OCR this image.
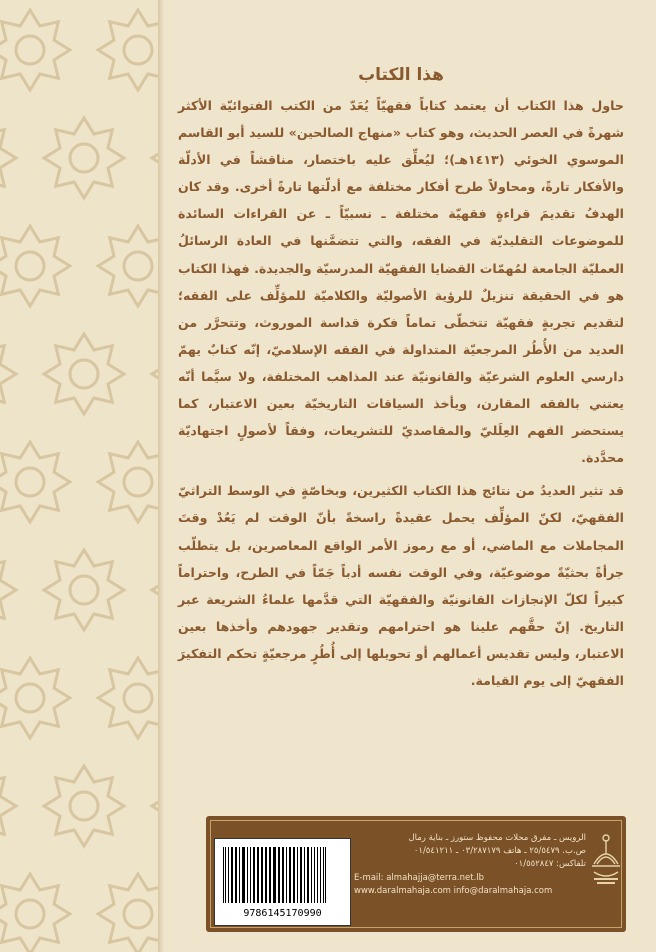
هذا الكتاب

حاول هذا الكتاب أن يعتمد كتاباً فقهيّاً يُعَدّ من الكتب الفتوائيّة الأكثر شهرةً في العصر الحديث، وهو كتاب «منهاج الصالحين» للسيد أبو القاسم الموسوي الخوئي (١٤١٣هـ)؛ ليُعلِّق عليه باختصار، مناقشاً في الأدلّة والأفكار تارةً، ومحاولاً طرح أفكار مختلفة مع أدلّتها تارةً أخرى. وقد كان الهدفُ تقديمَ قراءةٍ فقهيّة مختلفة ـ نسبيّاً ـ عن القراءات السائدة للموضوعات التقليديّة في الفقه، والتي تتضمَّنها في العادة الرسائلُ العمليّة الجامعة لمُهمّات القضايا الفقهيّة المدرسيّة والجديدة. فهذا الكتاب هو في الحقيقة تنزيلٌ للرؤية الأصوليّة والكلاميّة للمؤلِّف على الفقه؛ لتقديم تجربةٍ فقهيّة تتخطّى تماماً فكرة قداسة الموروث، وتتحرَّر من العديد من الأُطُر المرجعيّة المتداولة في الفقه الإسلاميّ، إنّه كتابٌ يهمّ دارسي العلوم الشرعيّة والقانونيّة عند المذاهب المختلفة، ولا سيَّما أنّه يعتني بالفقه المقارن، ويأخذ السياقات التاريخيّة بعين الاعتبار، كما يستحضر الفهم العِلَليّ والمقاصديّ للتشريعات، وفقاً لأصولٍ اجتهاديّة محدَّدة.

قد تثير العديدُ من نتائج هذا الكتاب الكثيرين، وبخاصّةٍ في الوسط التراثيّ الفقهيّ، لكنّ المؤلِّف يحمل عقيدةً راسخةً بأنّ الوقت لم يَعُدْ وقتَ المجاملات مع الماضي، أو مع رموز الأمر الواقع المعاصرين، بل يتطلّب جرأةً بحثيّةً موضوعيّة، وفي الوقت نفسه أدباً جَمّاً في الطرح، واحتراماً كبيراً لكلّ الإنجازات القانونيّة والفقهيّة التي قدَّمها علماءُ الشريعة عبر التاريخ. إنّ حقَّهم علينا هو احترامهم وتقدير جهودهم وأخذها بعين الاعتبار، وليس تقديس أعمالهم أو تحويلها إلى أُطُرٍ مرجعيّةٍ تحكم التفكيرَ الفقهيّ إلى يوم القيامة.

9786145170990
الرويس ـ مفرق محلات محفوظ ستورز ـ بناية رمال
ص.ب. ٢٥/٥٤٧٩ ـ هاتف ٠٣/٢٨٧١٧٩ ـ ٠١/٥٤١٢١١
تلفاكس: ٠١/٥٥٢٨٤٧
E-mail: almahajja@terra.net.lb
www.daralmahaja.com info@daralmahaja.com
